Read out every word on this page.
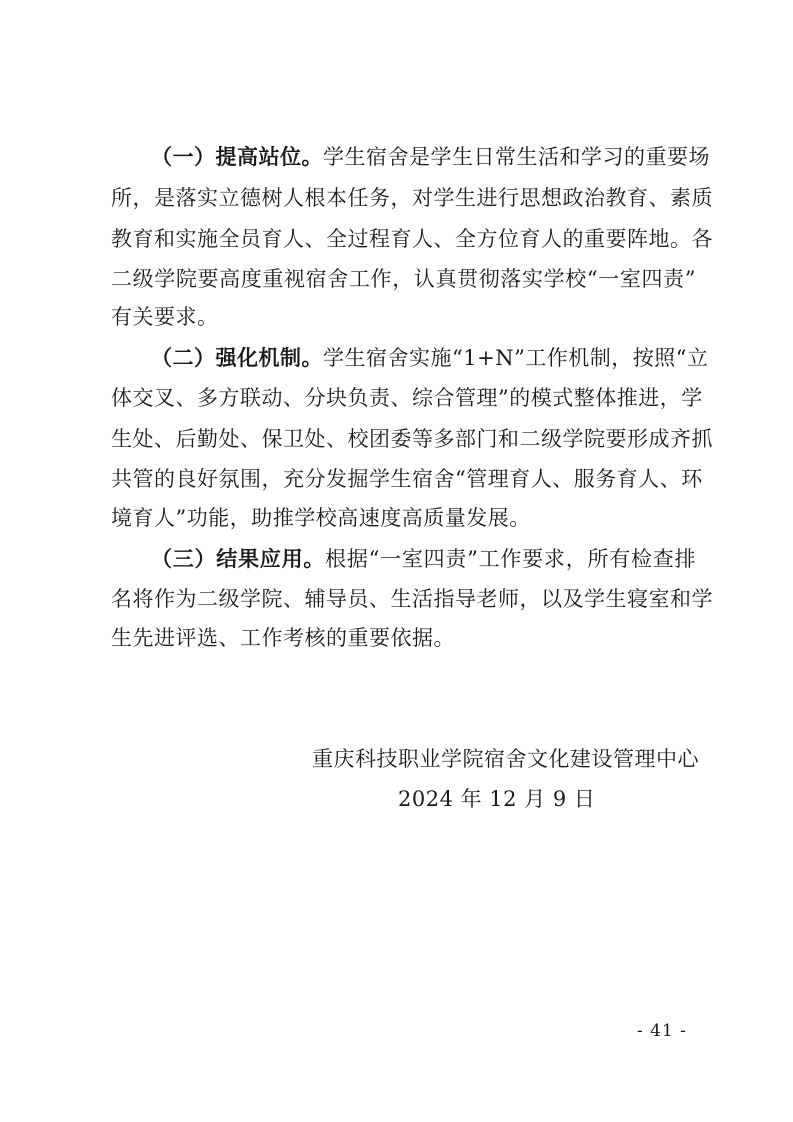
（一）提高站位。学生宿舍是学生日常生活和学习的重要场
所，是落实立德树人根本任务，对学生进行思想政治教育、素质
教育和实施全员育人、全过程育人、全方位育人的重要阵地。各
二级学院要高度重视宿舍工作，认真贯彻落实学校“一室四责”
有关要求。
（二）强化机制。学生宿舍实施“1+N”工作机制，按照“立
体交叉、多方联动、分块负责、综合管理”的模式整体推进，学
生处、后勤处、保卫处、校团委等多部门和二级学院要形成齐抓
共管的良好氛围，充分发掘学生宿舍“管理育人、服务育人、环
境育人”功能，助推学校高速度高质量发展。
（三）结果应用。根据“一室四责”工作要求，所有检查排
名将作为二级学院、辅导员、生活指导老师，以及学生寝室和学
生先进评选、工作考核的重要依据。
重庆科技职业学院宿舍文化建设管理中心
2024 年 12 月 9 日
- 41 -
